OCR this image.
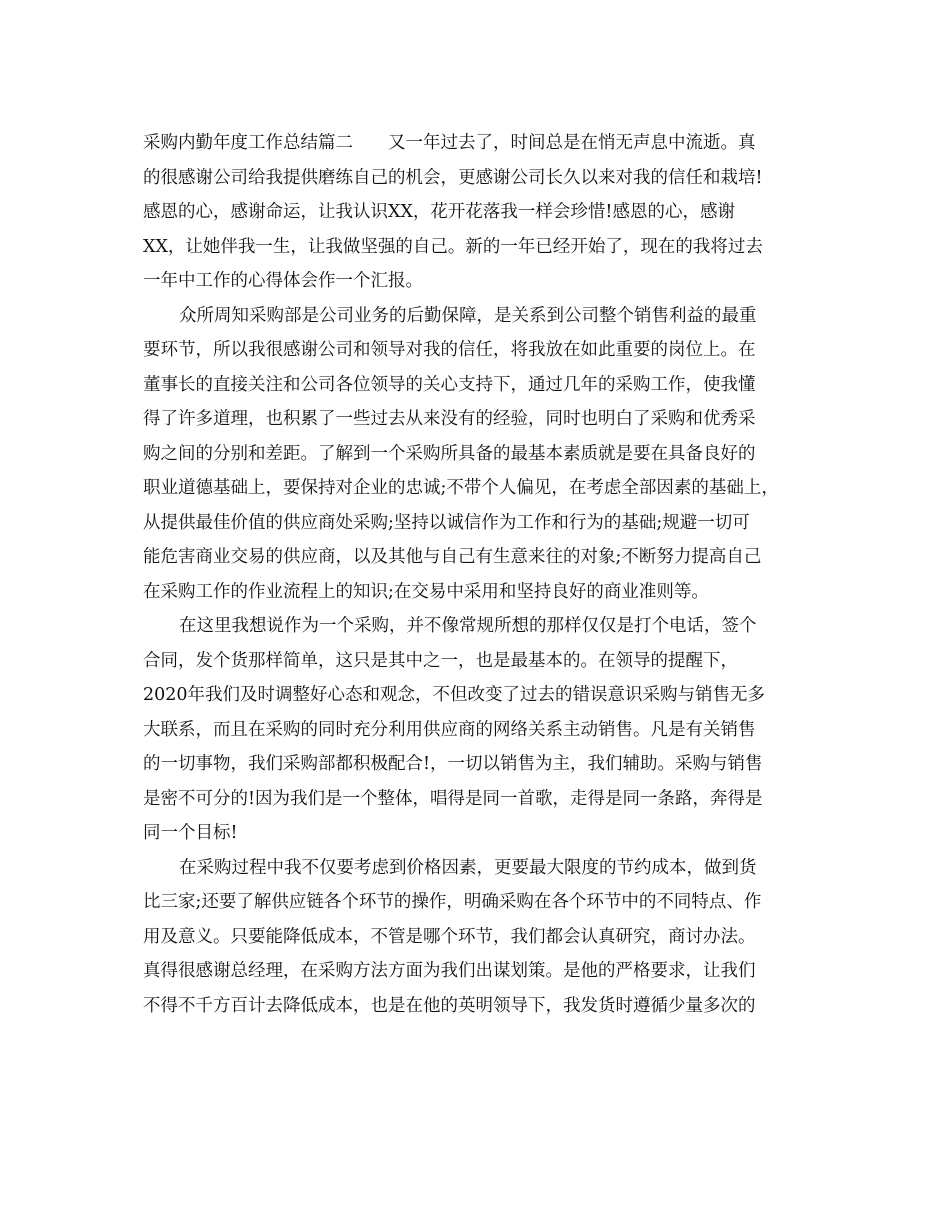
采购内勤年度工作总结篇二　　又一年过去了，时间总是在悄无声息中流逝。真
的很感谢公司给我提供磨练自己的机会，更感谢公司长久以来对我的信任和栽培!
感恩的心，感谢命运，让我认识XX，花开花落我一样会珍惜!感恩的心，感谢
XX，让她伴我一生，让我做坚强的自己。新的一年已经开始了，现在的我将过去
一年中工作的心得体会作一个汇报。
众所周知采购部是公司业务的后勤保障，是关系到公司整个销售利益的最重
要环节，所以我很感谢公司和领导对我的信任，将我放在如此重要的岗位上。在
董事长的直接关注和公司各位领导的关心支持下，通过几年的采购工作，使我懂
得了许多道理，也积累了一些过去从来没有的经验，同时也明白了采购和优秀采
购之间的分别和差距。了解到一个采购所具备的最基本素质就是要在具备良好的
职业道德基础上，要保持对企业的忠诚;不带个人偏见，在考虑全部因素的基础上，
从提供最佳价值的供应商处采购;坚持以诚信作为工作和行为的基础;规避一切可
能危害商业交易的供应商，以及其他与自己有生意来往的对象;不断努力提高自己
在采购工作的作业流程上的知识;在交易中采用和坚持良好的商业准则等。
在这里我想说作为一个采购，并不像常规所想的那样仅仅是打个电话，签个
合同，发个货那样简单，这只是其中之一，也是最基本的。在领导的提醒下，
2020年我们及时调整好心态和观念，不但改变了过去的错误意识采购与销售无多
大联系，而且在采购的同时充分利用供应商的网络关系主动销售。凡是有关销售
的一切事物，我们采购部都积极配合!，一切以销售为主，我们辅助。采购与销售
是密不可分的!因为我们是一个整体，唱得是同一首歌，走得是同一条路，奔得是
同一个目标!
在采购过程中我不仅要考虑到价格因素，更要最大限度的节约成本，做到货
比三家;还要了解供应链各个环节的操作，明确采购在各个环节中的不同特点、作
用及意义。只要能降低成本，不管是哪个环节，我们都会认真研究，商讨办法。
真得很感谢总经理，在采购方法方面为我们出谋划策。是他的严格要求，让我们
不得不千方百计去降低成本，也是在他的英明领导下，我发货时遵循少量多次的
